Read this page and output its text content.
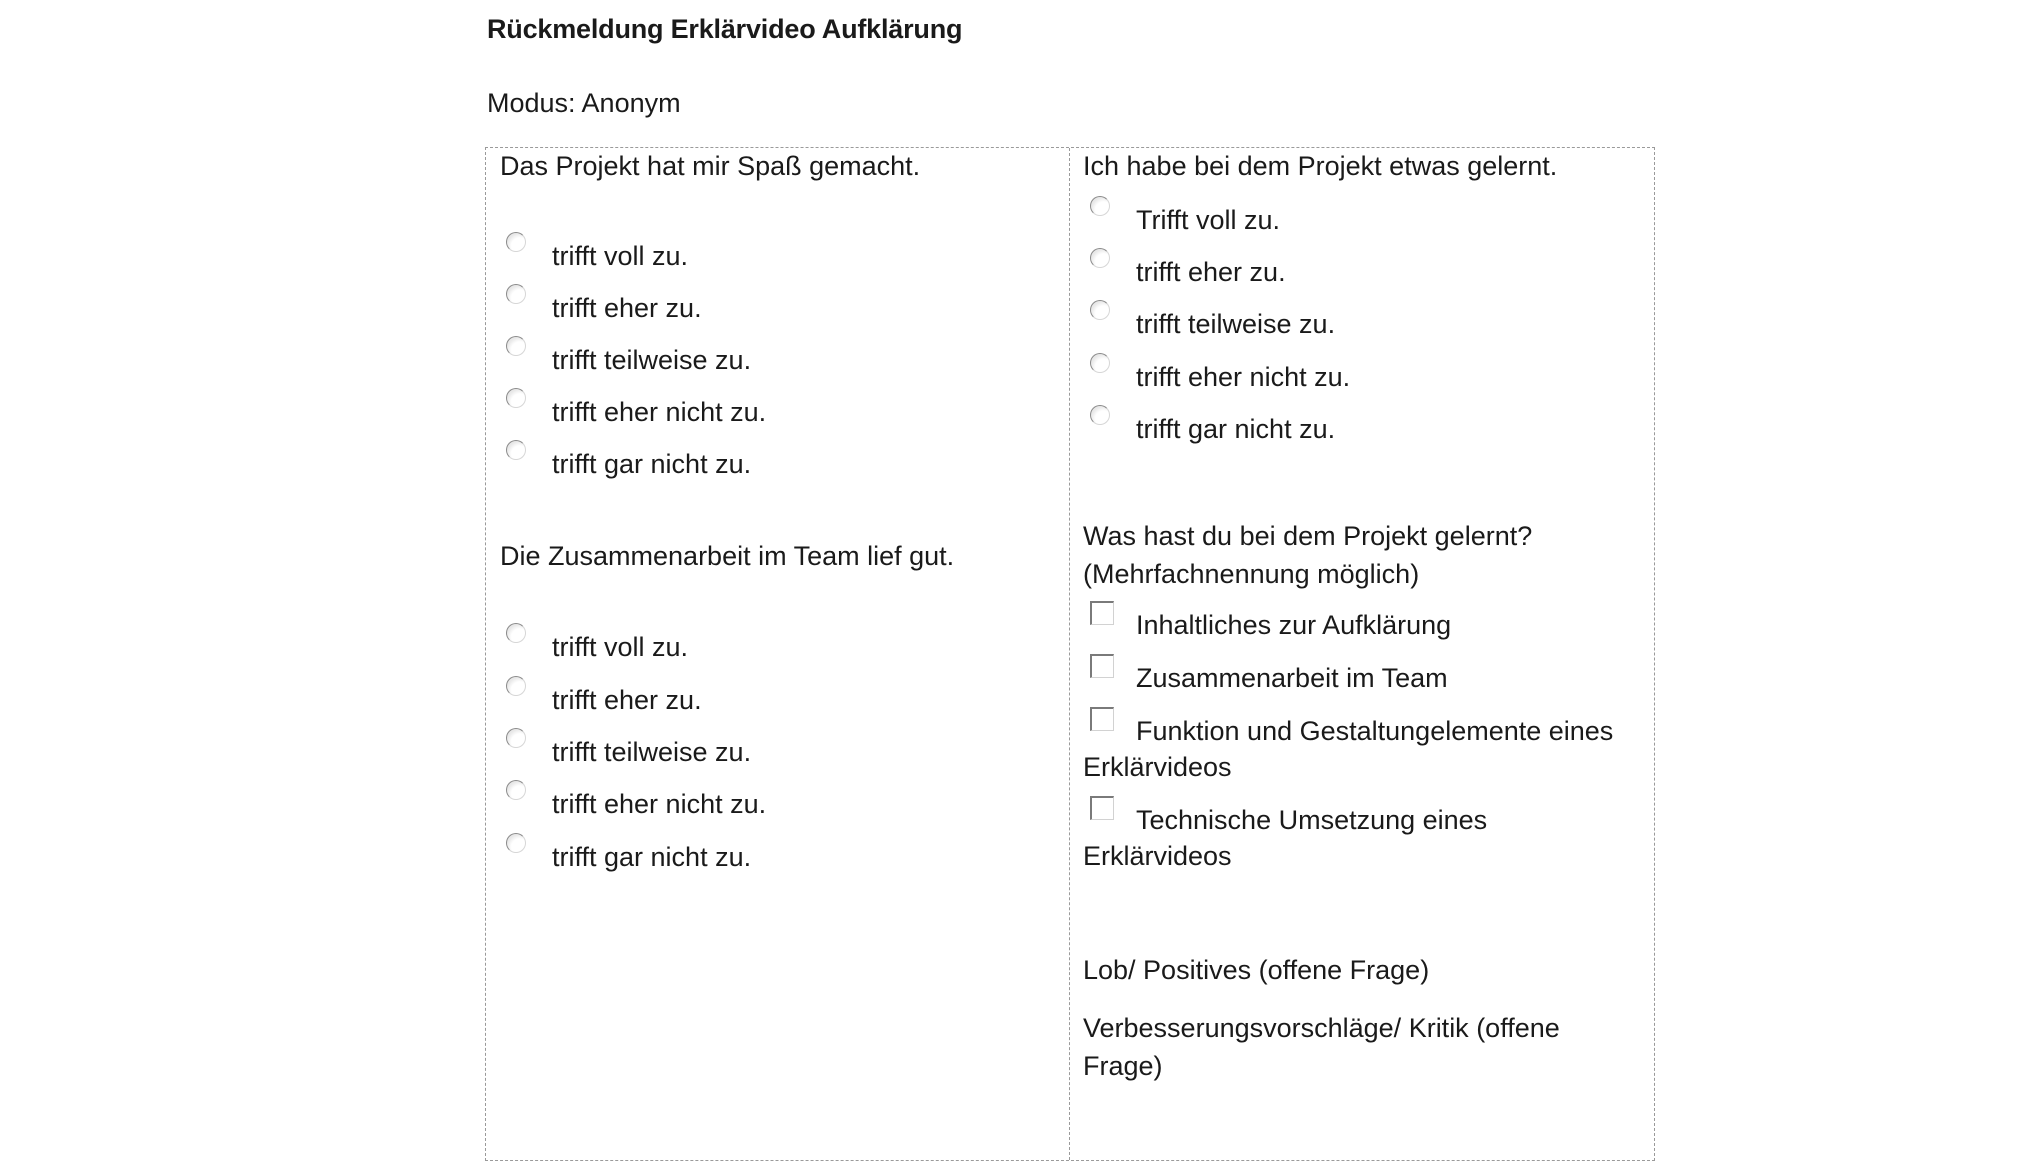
Rückmeldung Erklärvideo Aufklärung
Modus: Anonym
Das Projekt hat mir Spaß gemacht.
trifft voll zu.
trifft eher zu.
trifft teilweise zu.
trifft eher nicht zu.
trifft gar nicht zu.
Die Zusammenarbeit im Team lief gut.
trifft voll zu.
trifft eher zu.
trifft teilweise zu.
trifft eher nicht zu.
trifft gar nicht zu.
Ich habe bei dem Projekt etwas gelernt.
Trifft voll zu.
trifft eher zu.
trifft teilweise zu.
trifft eher nicht zu.
trifft gar nicht zu.
Was hast du bei dem Projekt gelernt?
(Mehrfachnennung möglich)
Inhaltliches zur Aufklärung
Zusammenarbeit im Team
Funktion und Gestaltungelemente eines
Erklärvideos
Technische Umsetzung eines
Erklärvideos
Lob/ Positives (offene Frage)
Verbesserungsvorschläge/ Kritik (offene
Frage)
